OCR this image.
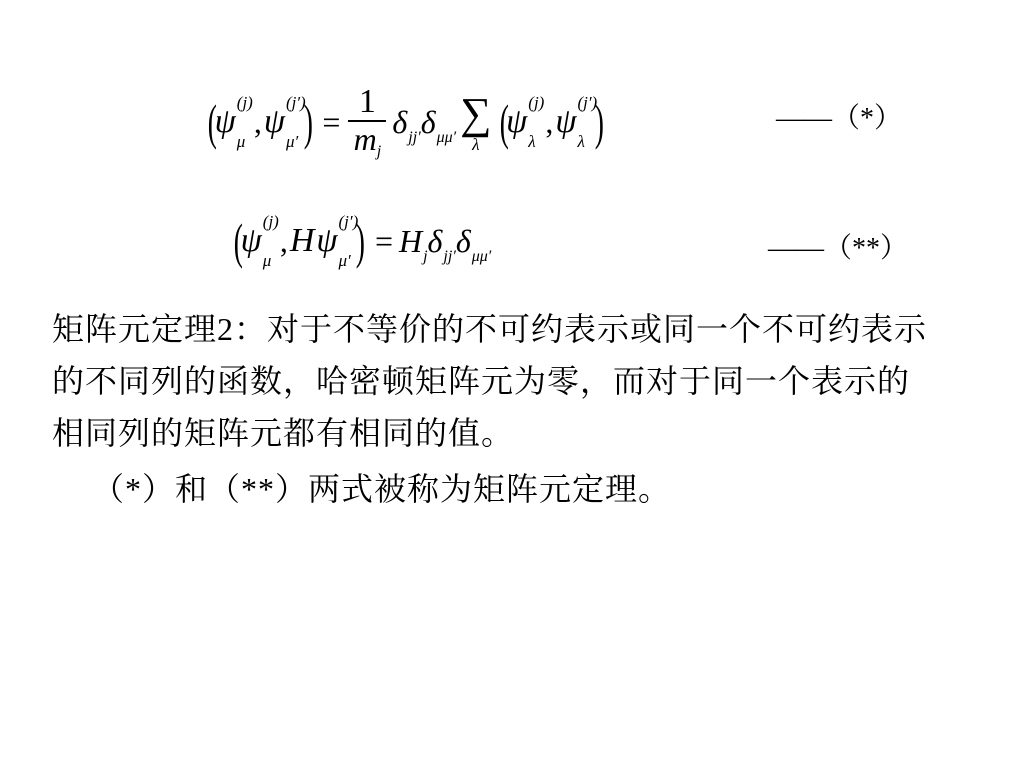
(
ψ
(j)
μ
, ψ
(j′)
μ′ ) = $\frac{1}{m_j}$ δ jj′ δ μμ′ ∑
λ (
ψ
(j)
λ
, ψ
(j′)
λ )	——（*）
(
ψ
(j)
μ
, H ψ
(j′)
μ′ ) = H j δ jj′ δ μμ′	——（**）
矩阵元定理2：对于不等价的不可约表示或同一个不可约表示
的不同列的函数，哈密顿矩阵元为零，而对于同一个表示的
相同列的矩阵元都有相同的值。
（*）和（**）两式被称为矩阵元定理。
